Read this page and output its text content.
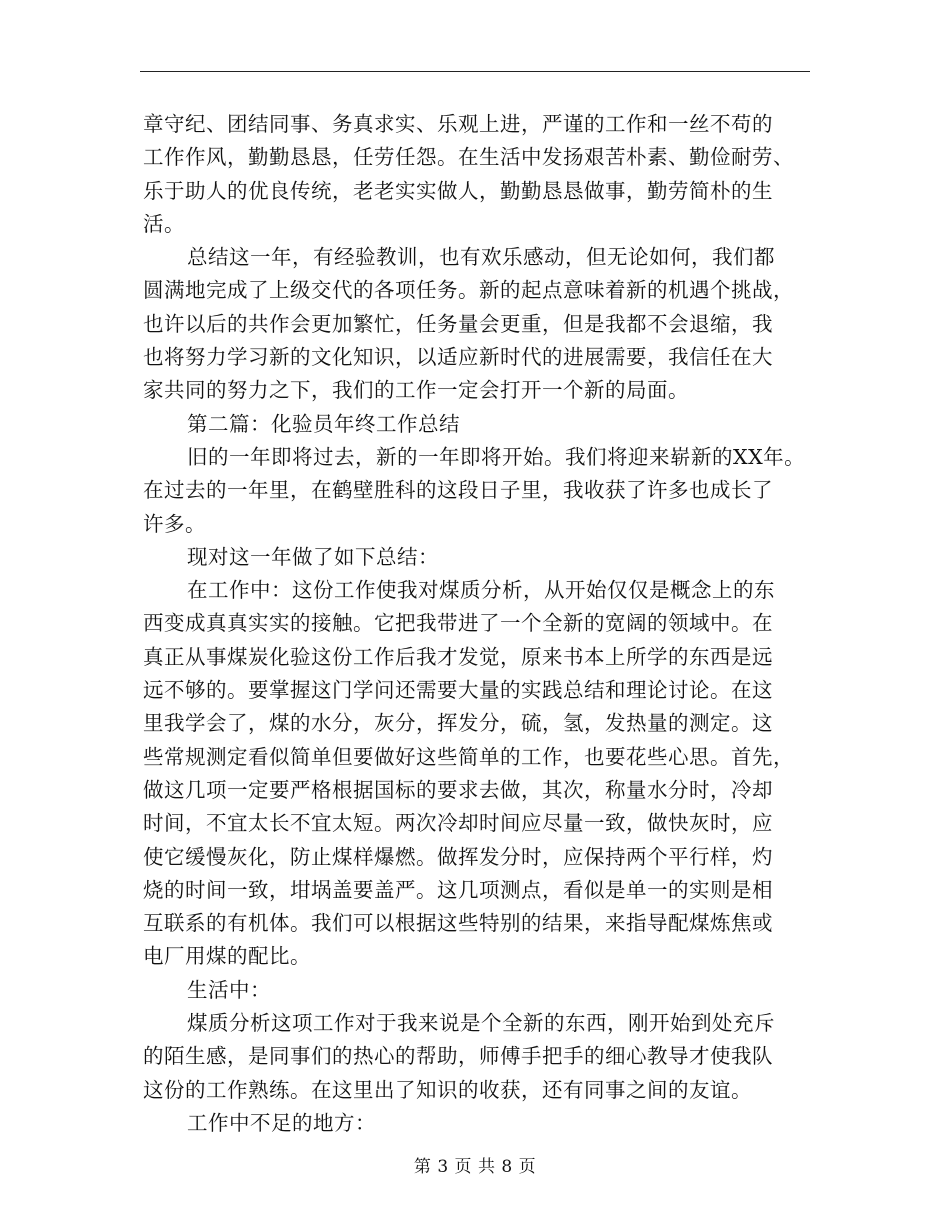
章守纪、团结同事、务真求实、乐观上进，严谨的工作和一丝不苟的
工作作风，勤勤恳恳，任劳任怨。在生活中发扬艰苦朴素、勤俭耐劳、
乐于助人的优良传统，老老实实做人，勤勤恳恳做事，勤劳简朴的生
活。
总结这一年，有经验教训，也有欢乐感动，但无论如何，我们都
圆满地完成了上级交代的各项任务。新的起点意味着新的机遇个挑战，
也许以后的共作会更加繁忙，任务量会更重，但是我都不会退缩，我
也将努力学习新的文化知识，以适应新时代的进展需要，我信任在大
家共同的努力之下，我们的工作一定会打开一个新的局面。
第二篇：化验员年终工作总结
旧的一年即将过去，新的一年即将开始。我们将迎来崭新的XX年。
在过去的一年里，在鹤壁胜科的这段日子里，我收获了许多也成长了
许多。
现对这一年做了如下总结：
在工作中：这份工作使我对煤质分析，从开始仅仅是概念上的东
西变成真真实实的接触。它把我带进了一个全新的宽阔的领域中。在
真正从事煤炭化验这份工作后我才发觉，原来书本上所学的东西是远
远不够的。要掌握这门学问还需要大量的实践总结和理论讨论。在这
里我学会了，煤的水分，灰分，挥发分，硫，氢，发热量的测定。这
些常规测定看似简单但要做好这些简单的工作，也要花些心思。首先，
做这几项一定要严格根据国标的要求去做，其次，称量水分时，冷却
时间，不宜太长不宜太短。两次冷却时间应尽量一致，做快灰时，应
使它缓慢灰化，防止煤样爆燃。做挥发分时，应保持两个平行样，灼
烧的时间一致，坩埚盖要盖严。这几项测点，看似是单一的实则是相
互联系的有机体。我们可以根据这些特别的结果，来指导配煤炼焦或
电厂用煤的配比。
生活中：
煤质分析这项工作对于我来说是个全新的东西，刚开始到处充斥
的陌生感，是同事们的热心的帮助，师傅手把手的细心教导才使我队
这份的工作熟练。在这里出了知识的收获，还有同事之间的友谊。
工作中不足的地方：
第 3 页 共 8 页
